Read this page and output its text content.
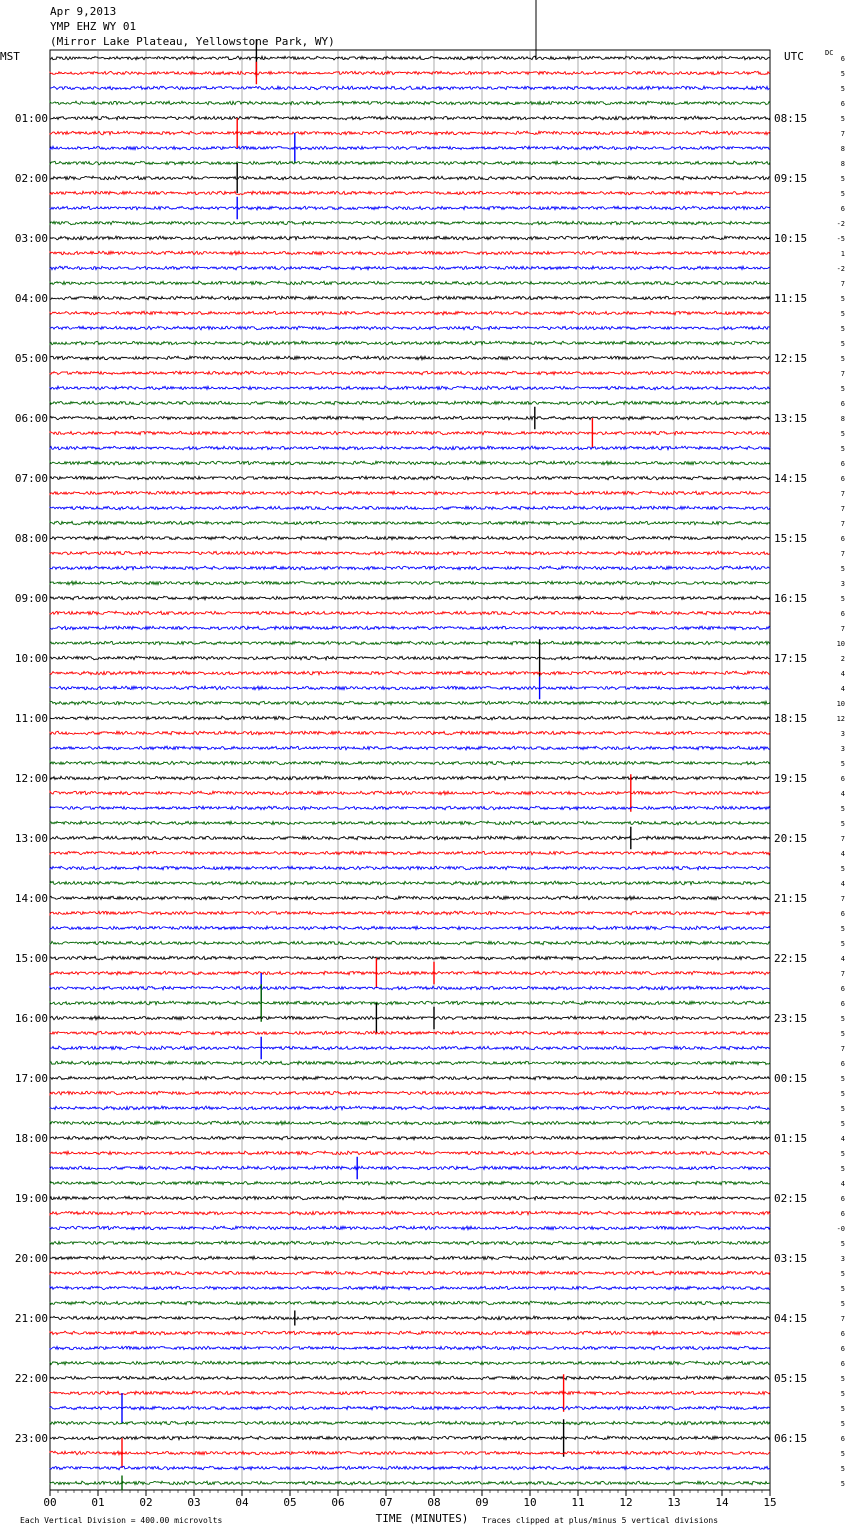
Apr 9,2013
YMP EHZ WY 01
(Mirror Lake Plateau, Yellowstone Park, WY)
MST	UTC	DC
00	01	02	03	04	05	06	07	08	09	10	11	12	13	14	15
6
5
5
6
5
7
8
8
5
5
6
-2
-5
1
-2
7
5
5
5
5
5
7
5
6
8
5
5
6
6
7
7
7
6
7
5
3
5
6
7
10
2
4
4
10
12
3
3
5
6
4
5
5
7
4
5
4
7
6
5
5
4
7
6
6
5
5
7
6
5
5
5
5
4
5
5
4
6
6
-0
5
3
5
5
5
7
6
6
6
5
5
5
5
6
5
5
5
01:00
02:00
03:00
04:00
05:00
06:00
07:00
08:00
09:00
10:00
11:00
12:00
13:00
14:00
15:00
16:00
17:00
18:00
19:00
20:00
21:00
22:00
23:00
08:15
09:15
10:15
11:15
12:15
13:15
14:15
15:15
16:15
17:15
18:15
19:15
20:15
21:15
22:15
23:15
00:15
01:15
02:15
03:15
04:15
05:15
06:15
TIME (MINUTES)
Each Vertical Division = 400.00 microvolts	Traces clipped at plus/minus 5 vertical divisions
